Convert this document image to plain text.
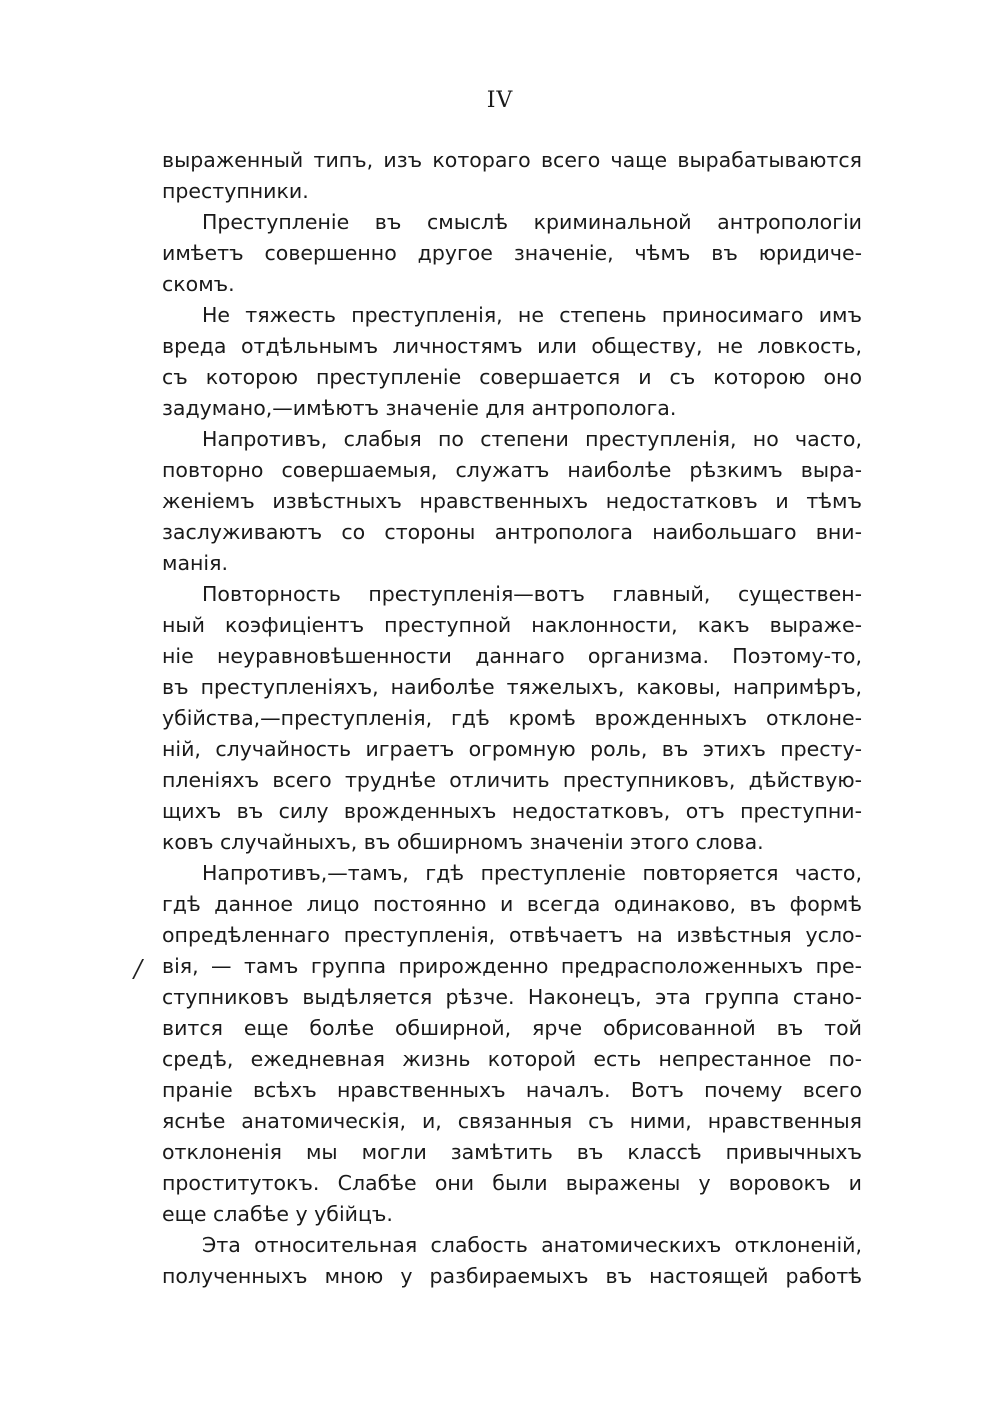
IV
/
выраженный типъ, изъ котораго всего чаще вырабатываются
преступники.
Преступленіе въ смыслѣ криминальной антропологіи
имѣетъ совершенно другое значеніе, чѣмъ въ юридиче-
скомъ.
Не тяжесть преступленія, не степень приносимаго имъ
вреда отдѣльнымъ личностямъ или обществу, не ловкость,
съ которою преступленіе совершается и съ которою оно
задумано,—имѣютъ значеніе для антрополога.
Напротивъ, слабыя по степени преступленія, но часто,
повторно совершаемыя, служатъ наиболѣе рѣзкимъ выра-
женіемъ извѣстныхъ нравственныхъ недостатковъ и тѣмъ
заслуживаютъ со стороны антрополога наибольшаго вни-
манія.
Повторность преступленія—вотъ главный, существен-
ный коэфиціентъ преступной наклонности, какъ выраже-
ніе неуравновѣшенности даннаго организма. Поэтому-то,
въ преступленіяхъ, наиболѣе тяжелыхъ, каковы, напримѣръ,
убійства,—преступленія, гдѣ кромѣ врожденныхъ отклоне-
ній, случайность играетъ огромную роль, въ этихъ престу-
пленіяхъ всего труднѣе отличить преступниковъ, дѣйствую-
щихъ въ силу врожденныхъ недостатковъ, отъ преступни-
ковъ случайныхъ, въ обширномъ значеніи этого слова.
Напротивъ,—тамъ, гдѣ преступленіе повторяется часто,
гдѣ данное лицо постоянно и всегда одинаково, въ формѣ
опредѣленнаго преступленія, отвѣчаетъ на извѣстныя усло-
вія, — тамъ группа прирожденно предрасположенныхъ пре-
ступниковъ выдѣляется рѣзче. Наконецъ, эта группа стано-
вится еще болѣе обширной, ярче обрисованной въ той
средѣ, ежедневная жизнь которой есть непрестанное по-
праніе всѣхъ нравственныхъ началъ. Вотъ почему всего
яснѣе анатомическія, и, связанныя съ ними, нравственныя
отклоненія мы могли замѣтить въ классѣ привычныхъ
проститутокъ. Слабѣе они были выражены у воровокъ и
еще слабѣе у убійцъ.
Эта относительная слабость анатомическихъ отклоненій,
полученныхъ мною у разбираемыхъ въ настоящей работѣ
